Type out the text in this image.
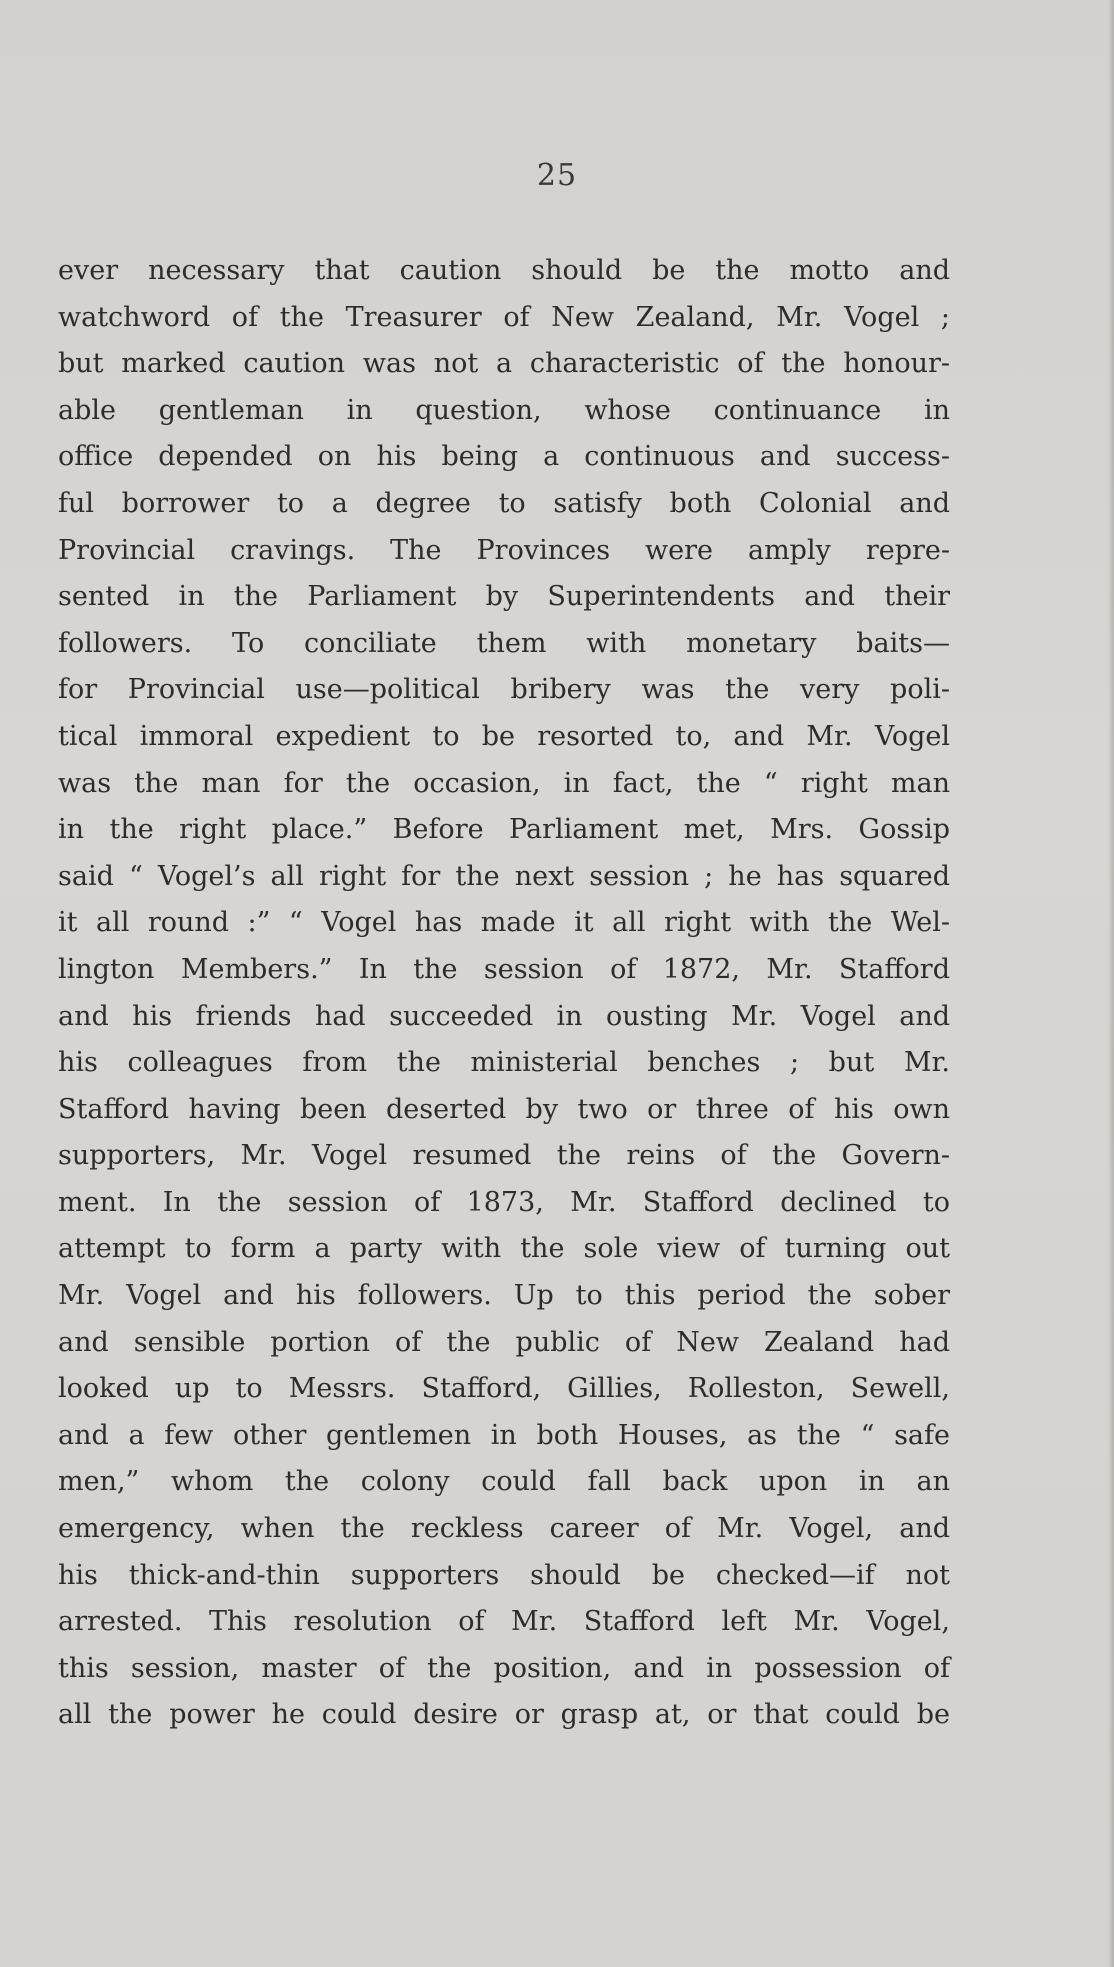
25
ever necessary that caution should be the motto and
watchword of the Treasurer of New Zealand, Mr. Vogel ;
but marked caution was not a characteristic of the honour-
able gentleman in question, whose continuance in
office depended on his being a continuous and success-
ful borrower to a degree to satisfy both Colonial and
Provincial cravings. The Provinces were amply repre-
sented in the Parliament by Superintendents and their
followers. To conciliate them with monetary baits—
for Provincial use—political bribery was the very poli-
tical immoral expedient to be resorted to, and Mr. Vogel
was the man for the occasion, in fact, the “ right man
in the right place.” Before Parliament met, Mrs. Gossip
said “ Vogel’s all right for the next session ; he has squared
it all round :” “ Vogel has made it all right with the Wel-
lington Members.” In the session of 1872, Mr. Stafford
and his friends had succeeded in ousting Mr. Vogel and
his colleagues from the ministerial benches ; but Mr.
Stafford having been deserted by two or three of his own
supporters, Mr. Vogel resumed the reins of the Govern-
ment. In the session of 1873, Mr. Stafford declined to
attempt to form a party with the sole view of turning out
Mr. Vogel and his followers. Up to this period the sober
and sensible portion of the public of New Zealand had
looked up to Messrs. Stafford, Gillies, Rolleston, Sewell,
and a few other gentlemen in both Houses, as the “ safe
men,” whom the colony could fall back upon in an
emergency, when the reckless career of Mr. Vogel, and
his thick-and-thin supporters should be checked—if not
arrested. This resolution of Mr. Stafford left Mr. Vogel,
this session, master of the position, and in possession of
all the power he could desire or grasp at, or that could be
